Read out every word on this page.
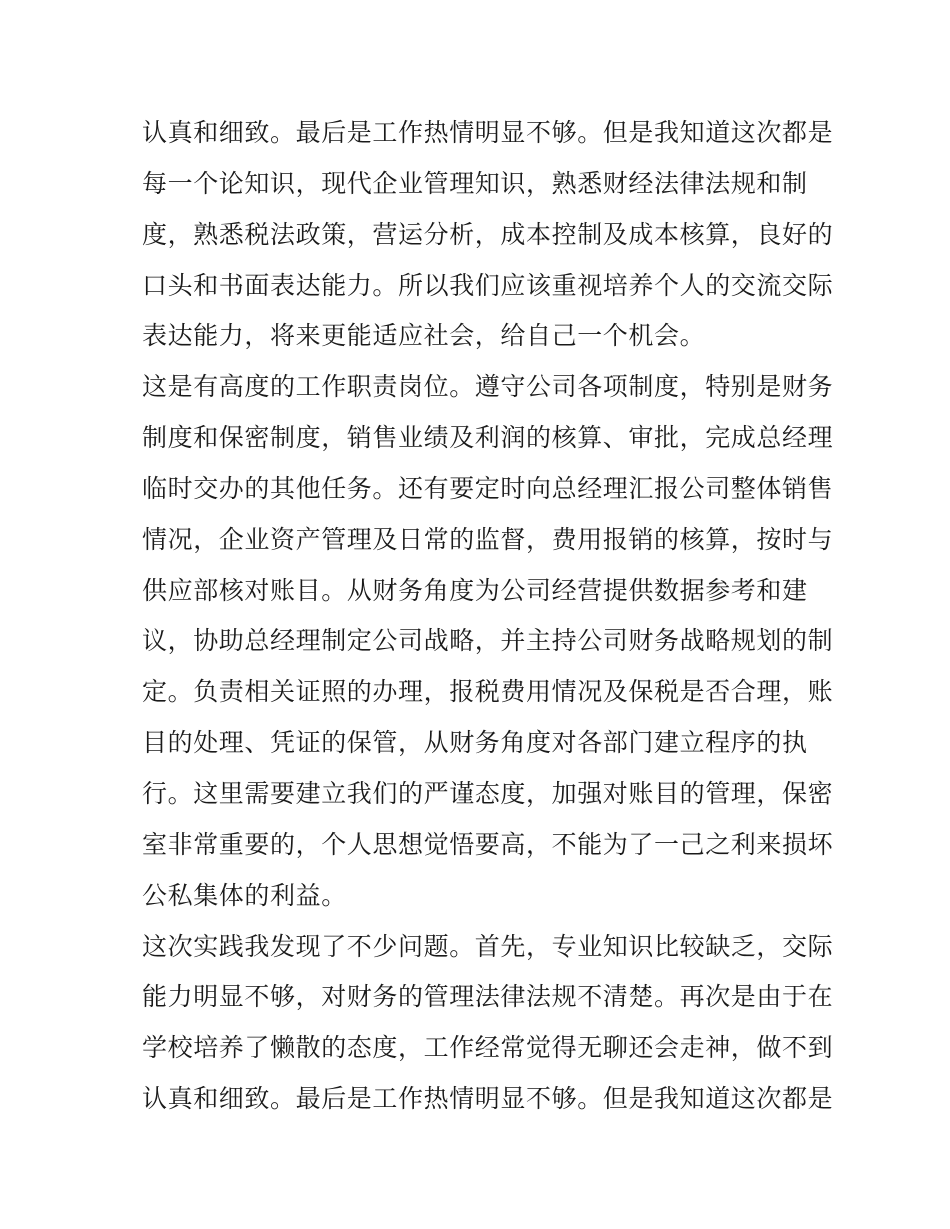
认真和细致。最后是工作热情明显不够。但是我知道这次都是
每一个论知识，现代企业管理知识，熟悉财经法律法规和制
度，熟悉税法政策，营运分析，成本控制及成本核算，良好的
口头和书面表达能力。所以我们应该重视培养个人的交流交际
表达能力，将来更能适应社会，给自己一个机会。
这是有高度的工作职责岗位。遵守公司各项制度，特别是财务
制度和保密制度，销售业绩及利润的核算、审批，完成总经理
临时交办的其他任务。还有要定时向总经理汇报公司整体销售
情况，企业资产管理及日常的监督，费用报销的核算，按时与
供应部核对账目。从财务角度为公司经营提供数据参考和建
议，协助总经理制定公司战略，并主持公司财务战略规划的制
定。负责相关证照的办理，报税费用情况及保税是否合理，账
目的处理、凭证的保管，从财务角度对各部门建立程序的执
行。这里需要建立我们的严谨态度，加强对账目的管理，保密
室非常重要的，个人思想觉悟要高，不能为了一己之利来损坏
公私集体的利益。
这次实践我发现了不少问题。首先，专业知识比较缺乏，交际
能力明显不够，对财务的管理法律法规不清楚。再次是由于在
学校培养了懒散的态度，工作经常觉得无聊还会走神，做不到
认真和细致。最后是工作热情明显不够。但是我知道这次都是
